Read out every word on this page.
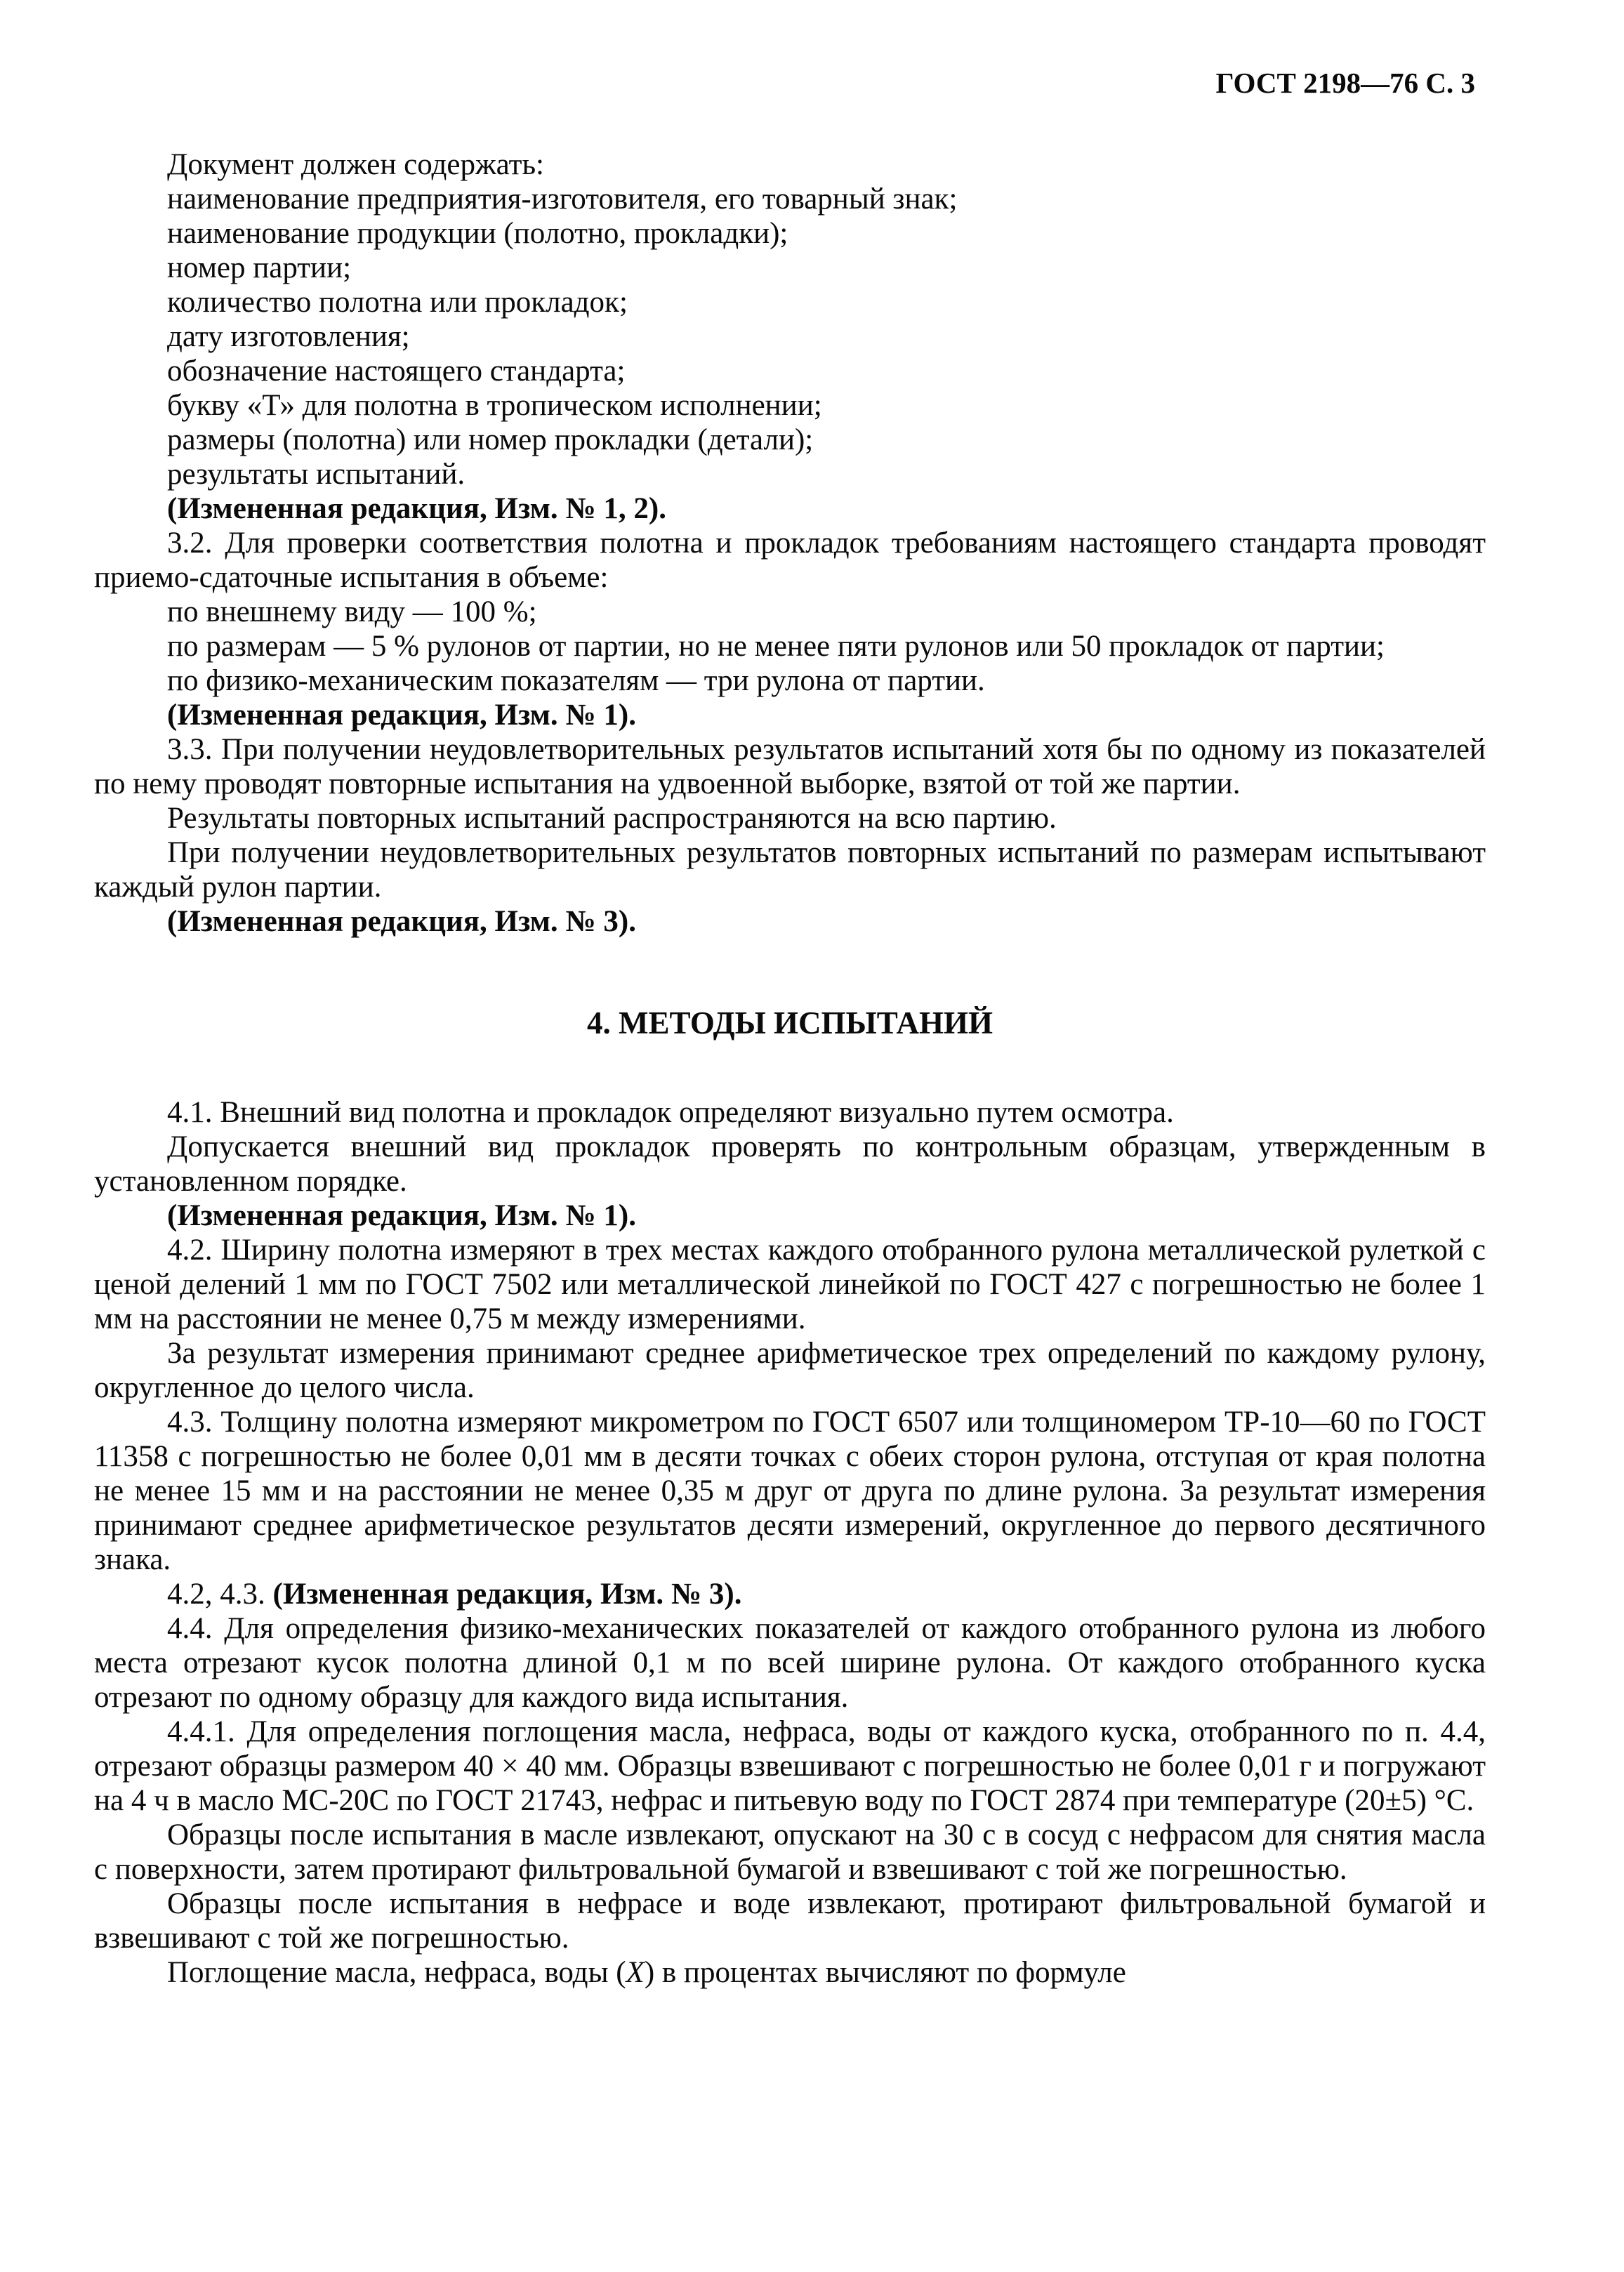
ГОСТ 2198—76 С. 3

Документ должен содержать:

наименование предприятия-изготовителя, его товарный знак;

наименование продукции (полотно, прокладки);

номер партии;

количество полотна или прокладок;

дату изготовления;

обозначение настоящего стандарта;

букву «Т» для полотна в тропическом исполнении;

размеры (полотна) или номер прокладки (детали);

результаты испытаний.

(Измененная редакция, Изм. № 1, 2).

3.2. Для проверки соответствия полотна и прокладок требованиям настоящего стандарта проводят приемо-сдаточные испытания в объеме:

по внешнему виду — 100 %;

по размерам — 5 % рулонов от партии, но не менее пяти рулонов или 50 прокладок от партии;

по физико-механическим показателям — три рулона от партии.

(Измененная редакция, Изм. № 1).

3.3. При получении неудовлетворительных результатов испытаний хотя бы по одному из показателей по нему проводят повторные испытания на удвоенной выборке, взятой от той же партии.

Результаты повторных испытаний распространяются на всю партию.

При получении неудовлетворительных результатов повторных испытаний по размерам испытывают каждый рулон партии.

(Измененная редакция, Изм. № 3).

4. МЕТОДЫ ИСПЫТАНИЙ

4.1. Внешний вид полотна и прокладок определяют визуально путем осмотра.

Допускается внешний вид прокладок проверять по контрольным образцам, утвержденным в установленном порядке.

(Измененная редакция, Изм. № 1).

4.2. Ширину полотна измеряют в трех местах каждого отобранного рулона металлической рулеткой с ценой делений 1 мм по ГОСТ 7502 или металлической линейкой по ГОСТ 427 с погрешностью не более 1 мм на расстоянии не менее 0,75 м между измерениями.

За результат измерения принимают среднее арифметическое трех определений по каждому рулону, округленное до целого числа.

4.3. Толщину полотна измеряют микрометром по ГОСТ 6507 или толщиномером ТР-10—60 по ГОСТ 11358 с погрешностью не более 0,01 мм в десяти точках с обеих сторон рулона, отступая от края полотна не менее 15 мм и на расстоянии не менее 0,35 м друг от друга по длине рулона. За результат измерения принимают среднее арифметическое результатов десяти измерений, округленное до первого десятичного знака.

4.2, 4.3. (Измененная редакция, Изм. № 3).

4.4. Для определения физико-механических показателей от каждого отобранного рулона из любого места отрезают кусок полотна длиной 0,1 м по всей ширине рулона. От каждого отобранного куска отрезают по одному образцу для каждого вида испытания.

4.4.1. Для определения поглощения масла, нефраса, воды от каждого куска, отобранного по п. 4.4, отрезают образцы размером 40 × 40 мм. Образцы взвешивают с погрешностью не более 0,01 г и погружают на 4 ч в масло МС-20С по ГОСТ 21743, нефрас и питьевую воду по ГОСТ 2874 при температуре (20±5) °С.

Образцы после испытания в масле извлекают, опускают на 30 с в сосуд с нефрасом для снятия масла с поверхности, затем протирают фильтровальной бумагой и взвешивают с той же погрешностью.

Образцы после испытания в нефрасе и воде извлекают, протирают фильтровальной бумагой и взвешивают с той же погрешностью.

Поглощение масла, нефраса, воды (X) в процентах вычисляют по формуле
